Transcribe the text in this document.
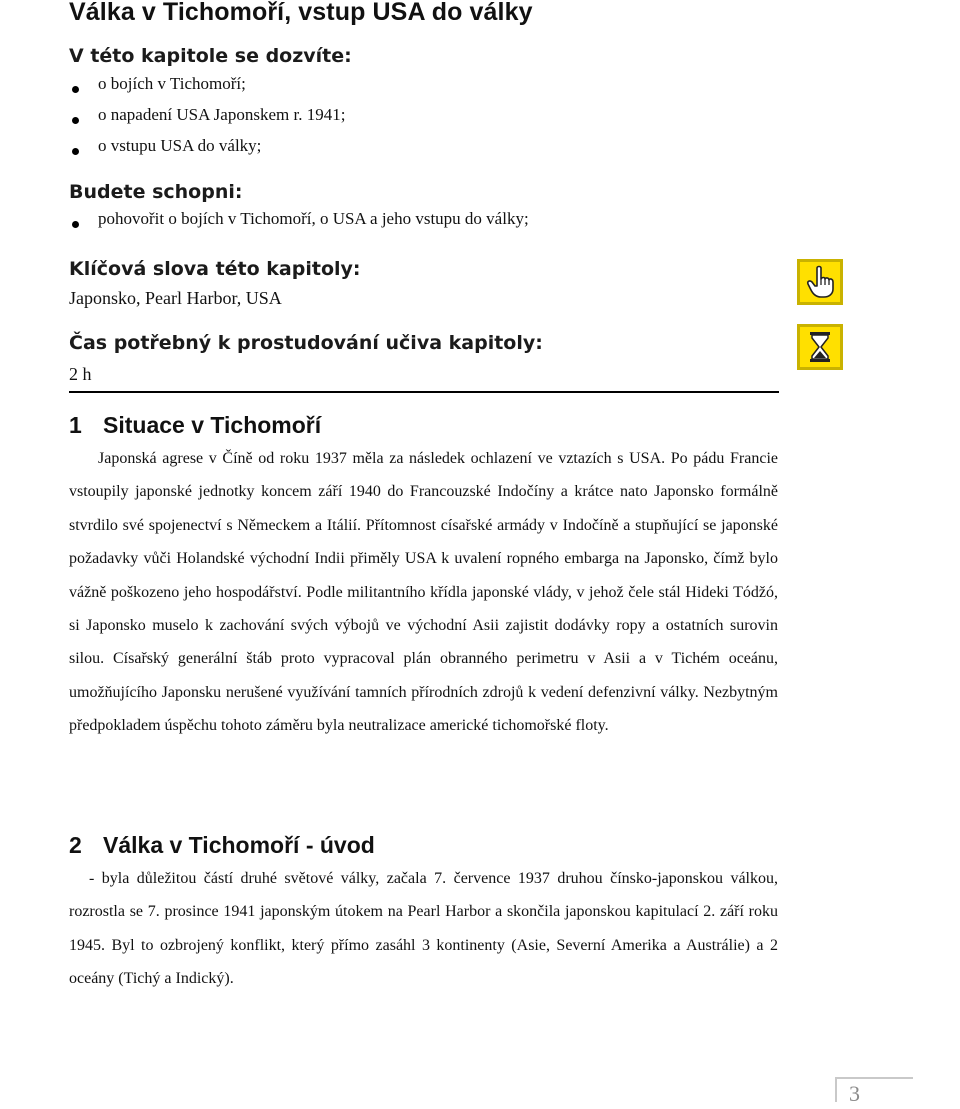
Válka v Tichomoří, vstup USA do války
V této kapitole se dozvíte:
o bojích v Tichomoří;
o napadení USA Japonskem r. 1941;
o vstupu USA do války;
Budete schopni:
pohovořit o bojích v Tichomoří, o USA a jeho vstupu do války;
Klíčová slova této kapitoly:

Japonsko, Pearl Harbor, USA

Čas potřebný k prostudování učiva kapitoly:

2 h

1 Situace v Tichomoří

Japonská agrese v Číně od roku 1937 měla za následek ochlazení ve vztazích s USA. Po pádu Francie vstoupily japonské jednotky koncem září 1940 do Francouzské Indočíny a krátce nato Japonsko formálně stvrdilo své spojenectví s Německem a Itálií. Přítomnost císařské armády v Indočíně a stupňující se japonské požadavky vůči Holandské východní Indii přiměly USA k uvalení ropného embarga na Japonsko, čímž bylo vážně poškozeno jeho hospodářství. Podle militantního křídla japonské vlády, v jehož čele stál Hideki Tódžó, si Japonsko muselo k zachování svých výbojů ve východní Asii zajistit dodávky ropy a ostatních surovin silou. Císařský generální štáb proto vypracoval plán obranného perimetru v Asii a v Tichém oceánu, umožňujícího Japonsku nerušené využívání tamních přírodních zdrojů k vedení defenzivní války. Nezbytným předpokladem úspěchu tohoto záměru byla neutralizace americké tichomořské floty.

2 Válka v Tichomoří - úvod

- byla důležitou částí druhé světové války, začala 7. července 1937 druhou čínsko-japonskou válkou, rozrostla se 7. prosince 1941 japonským útokem na Pearl Harbor a skončila japonskou kapitulací 2. září roku 1945. Byl to ozbrojený konflikt, který přímo zasáhl 3 kontinenty (Asie, Severní Amerika a Austrálie) a 2 oceány (Tichý a Indický).

3
